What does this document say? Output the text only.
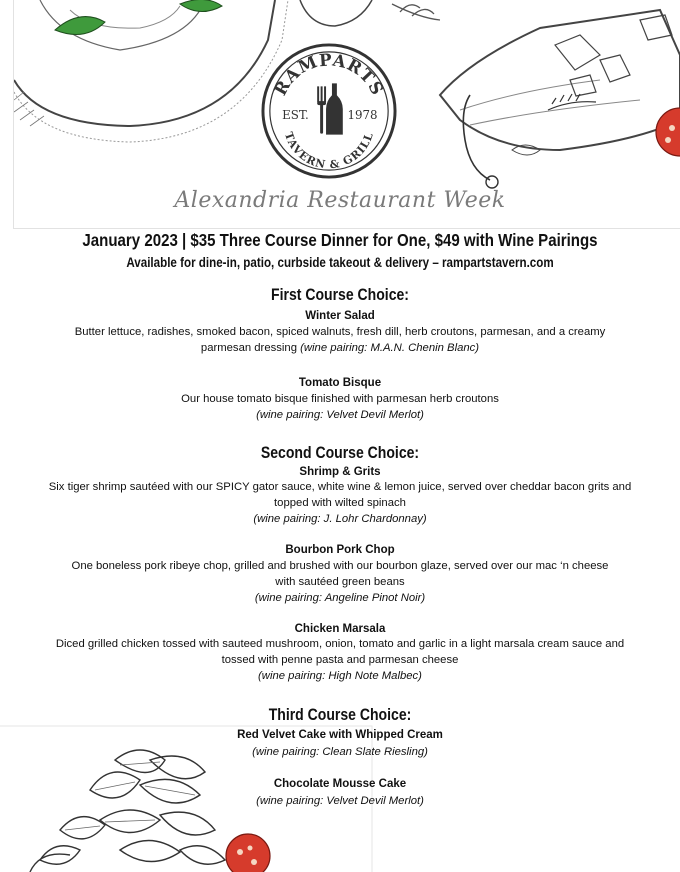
RAMPARTS
TAVERN & GRILL
EST.	1978
Alexandria Restaurant Week
January 2023 | $35 Three Course Dinner for One, $49 with Wine Pairings
Available for dine-in, patio, curbside takeout & delivery – rampartstavern.com
First Course Choice:
Winter Salad
Butter lettuce, radishes, smoked bacon, spiced walnuts, fresh dill, herb croutons, parmesan, and a creamy
parmesan dressing (wine pairing: M.A.N. Chenin Blanc)
Tomato Bisque
Our house tomato bisque finished with parmesan herb croutons
(wine pairing: Velvet Devil Merlot)
Second Course Choice:
Shrimp & Grits
Six tiger shrimp sautéed with our SPICY gator sauce, white wine & lemon juice, served over cheddar bacon grits and
topped with wilted spinach
(wine pairing: J. Lohr Chardonnay)
Bourbon Pork Chop
One boneless pork ribeye chop, grilled and brushed with our bourbon glaze, served over our mac ‘n cheese
with sautéed green beans
(wine pairing: Angeline Pinot Noir)
Chicken Marsala
Diced grilled chicken tossed with sauteed mushroom, onion, tomato and garlic in a light marsala cream sauce and
tossed with penne pasta and parmesan cheese
(wine pairing: High Note Malbec)
Third Course Choice:
Red Velvet Cake with Whipped Cream
(wine pairing: Clean Slate Riesling)
Chocolate Mousse Cake
(wine pairing: Velvet Devil Merlot)
